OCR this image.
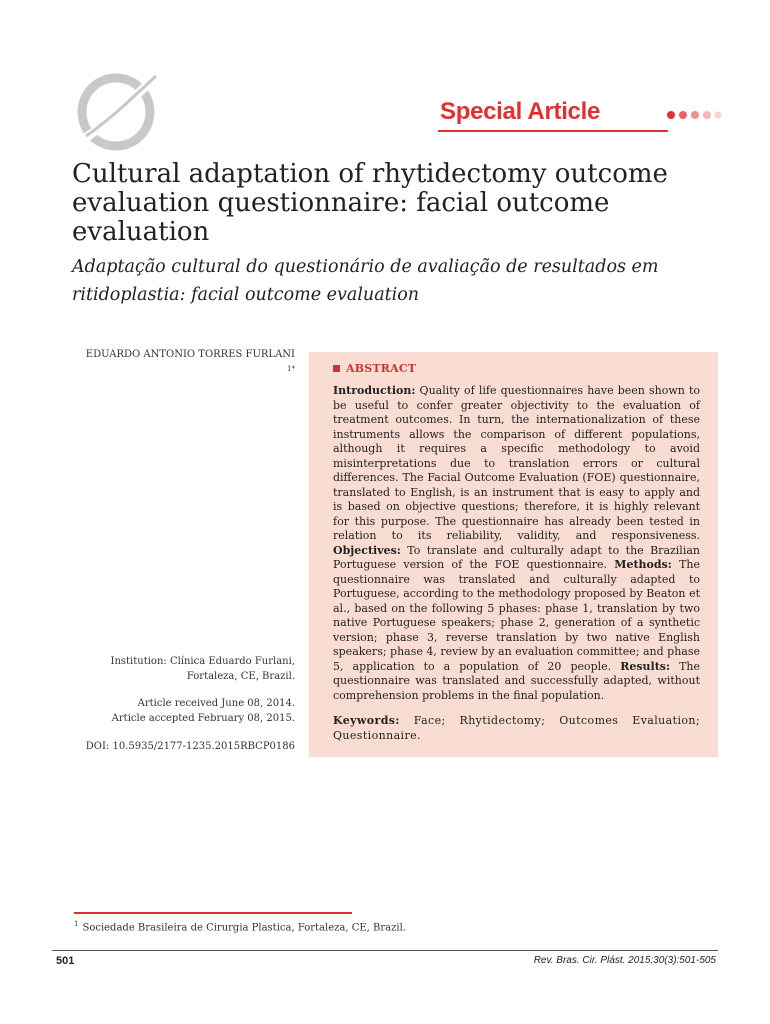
Special Article
Cultural adaptation of rhytidectomy outcome evaluation questionnaire: facial outcome evaluation

Adaptação cultural do questionário de avaliação de resultados em ritidoplastia: facial outcome evaluation

EDUARDO ANTONIO TORRES FURLANI $^{1*}$

Institution: Clínica Eduardo Furlani, Fortaleza, CE, Brazil.
Article received June 08, 2014.
Article accepted February 08, 2015.
DOI: 10.5935/2177-1235.2015RBCP0186
ABSTRACT

Introduction: Quality of life questionnaires have been shown to be useful to confer greater objectivity to the evaluation of treatment outcomes. In turn, the internationalization of these instruments allows the comparison of different populations, although it requires a specific methodology to avoid misinterpretations due to translation errors or cultural differences. The Facial Outcome Evaluation (FOE) questionnaire, translated to English, is an instrument that is easy to apply and is based on objective questions; therefore, it is highly relevant for this purpose. The questionnaire has already been tested in relation to its reliability, validity, and responsiveness. Objectives: To translate and culturally adapt to the Brazilian Portuguese version of the FOE questionnaire. Methods: The questionnaire was translated and culturally adapted to Portuguese, according to the methodology proposed by Beaton et al., based on the following 5 phases: phase 1, translation by two native Portuguese speakers; phase 2, generation of a synthetic version; phase 3, reverse translation by two native English speakers; phase 4, review by an evaluation committee; and phase 5, application to a population of 20 people. Results: The questionnaire was translated and successfully adapted, without comprehension problems in the final population.

Keywords: Face; Rhytidectomy; Outcomes Evaluation; Questionnaire.

$^1$ Sociedade Brasileira de Cirurgia Plastica, Fortaleza, CE, Brazil.
501	Rev. Bras. Cir. Plást. 2015;30(3):501-505
